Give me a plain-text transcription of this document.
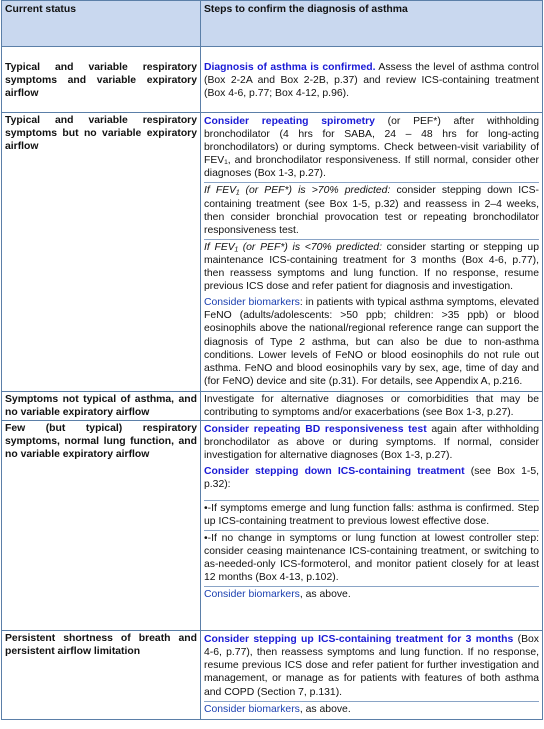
Current status	Steps to confirm the diagnosis of asthma
Typical and variable respiratory symptoms and variable expiratory airflow	Diagnosis of asthma is confirmed. Assess the level of asthma control (Box 2-2A and Box 2-2B, p.37) and review ICS-containing treatment (Box 4-6, p.77; Box 4-12, p.96).
Typical and variable respiratory symptoms but no variable expiratory airflow	Consider repeating spirometry (or PEF*) after withholding bronchodilator (4 hrs for SABA, 24 – 48 hrs for long-acting bronchodilators) or during symptoms. Check between-visit variability of FEV₁, and bronchodilator responsiveness. If still normal, consider other diagnoses (Box 1-3, p.27).
If FEV₁ (or PEF*) is >70% predicted: consider stepping down ICS-containing treatment (see Box 1-5, p.32) and reassess in 2–4 weeks, then consider bronchial provocation test or repeating bronchodilator responsiveness test.
If FEV₁ (or PEF*) is <70% predicted: consider starting or stepping up maintenance ICS-containing treatment for 3 months (Box 4-6, p.77), then reassess symptoms and lung function. If no response, resume previous ICS dose and refer patient for diagnosis and investigation.
Consider biomarkers: in patients with typical asthma symptoms, elevated FeNO (adults/adolescents: >50 ppb; children: >35 ppb) or blood eosinophils above the national/regional reference range can support the diagnosis of Type 2 asthma, but can also be due to non-asthma conditions. Lower levels of FeNO or blood eosinophils do not rule out asthma. FeNO and blood eosinophils vary by sex, age, time of day and (for FeNO) device and site (p.31). For details, see Appendix A, p.216.

Symptoms not typical of asthma, and no variable expiratory airflow	Investigate for alternative diagnoses or comorbidities that may be contributing to symptoms and/or exacerbations (see Box 1-3, p.27).
Few (but typical) respiratory symptoms, normal lung function, and no variable expiratory airflow	Consider repeating BD responsiveness test again after withholding bronchodilator as above or during symptoms. If normal, consider investigation for alternative diagnoses (Box 1-3, p.27).
Consider stepping down ICS-containing treatment (see Box 1-5, p.32):
•-If symptoms emerge and lung function falls: asthma is confirmed. Step up ICS-containing treatment to previous lowest effective dose.
•-If no change in symptoms or lung function at lowest controller step: consider ceasing maintenance ICS-containing treatment, or switching to as-needed-only ICS-formoterol, and monitor patient closely for at least 12 months (Box 4-13, p.102).
Consider biomarkers, as above.

Persistent shortness of breath and persistent airflow limitation	Consider stepping up ICS-containing treatment for 3 months (Box 4-6, p.77), then reassess symptoms and lung function. If no response, resume previous ICS dose and refer patient for further investigation and management, or manage as for patients with features of both asthma and COPD (Section 7, p.131).
Consider biomarkers, as above.
